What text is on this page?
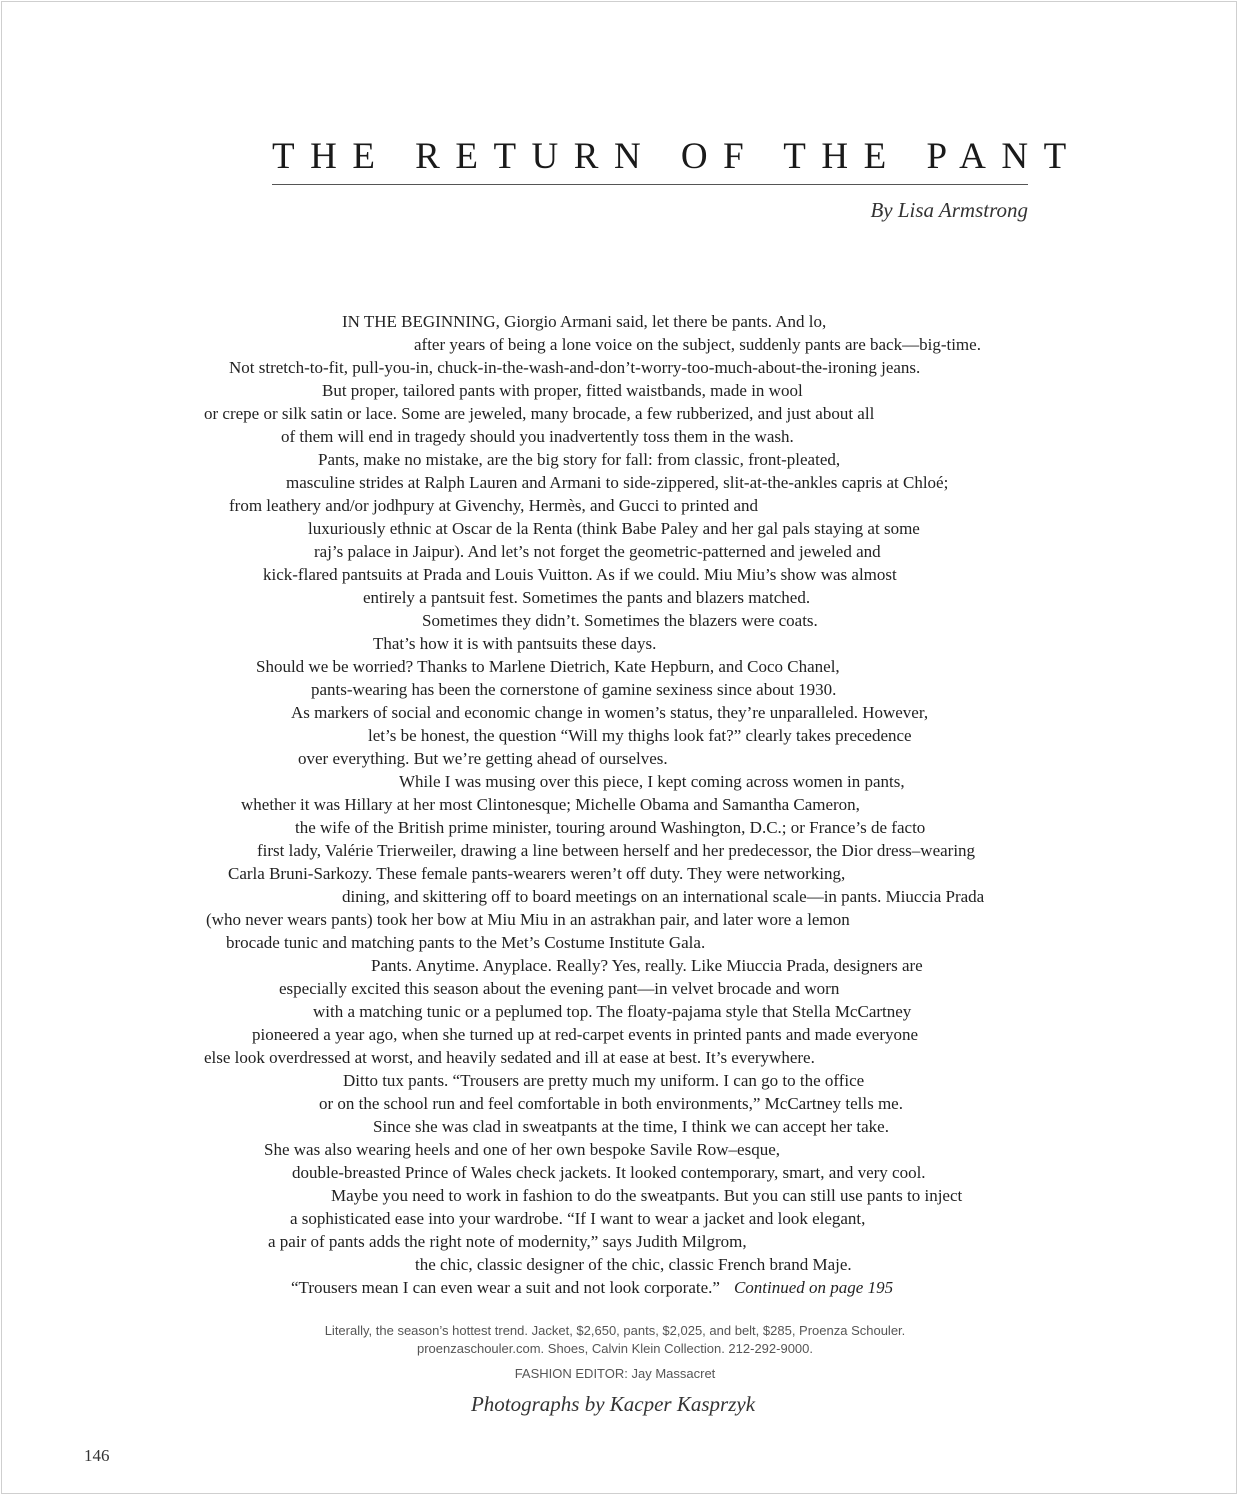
THE RETURN OF THE PANT
By Lisa Armstrong
IN THE BEGINNING, Giorgio Armani said, let there be pants. And lo,
after years of being a lone voice on the subject, suddenly pants are back—big-time.
Not stretch-to-fit, pull-you-in, chuck-in-the-wash-and-don’t-worry-too-much-about-the-ironing jeans.
But proper, tailored pants with proper, fitted waistbands, made in wool
or crepe or silk satin or lace. Some are jeweled, many brocade, a few rubberized, and just about all
of them will end in tragedy should you inadvertently toss them in the wash.
Pants, make no mistake, are the big story for fall: from classic, front-pleated,
masculine strides at Ralph Lauren and Armani to side-zippered, slit-at-the-ankles capris at Chloé;
from leathery and/or jodhpury at Givenchy, Hermès, and Gucci to printed and
luxuriously ethnic at Oscar de la Renta (think Babe Paley and her gal pals staying at some
raj’s palace in Jaipur). And let’s not forget the geometric-patterned and jeweled and
kick-flared pantsuits at Prada and Louis Vuitton. As if we could. Miu Miu’s show was almost
entirely a pantsuit fest. Sometimes the pants and blazers matched.
Sometimes they didn’t. Sometimes the blazers were coats.
That’s how it is with pantsuits these days.
Should we be worried? Thanks to Marlene Dietrich, Kate Hepburn, and Coco Chanel,
pants-wearing has been the cornerstone of gamine sexiness since about 1930.
As markers of social and economic change in women’s status, they’re unparalleled. However,
let’s be honest, the question “Will my thighs look fat?” clearly takes precedence
over everything. But we’re getting ahead of ourselves.
While I was musing over this piece, I kept coming across women in pants,
whether it was Hillary at her most Clintonesque; Michelle Obama and Samantha Cameron,
the wife of the British prime minister, touring around Washington, D.C.; or France’s de facto
first lady, Valérie Trierweiler, drawing a line between herself and her predecessor, the Dior dress–wearing
Carla Bruni-Sarkozy. These female pants-wearers weren’t off duty. They were networking,
dining, and skittering off to board meetings on an international scale—in pants. Miuccia Prada
(who never wears pants) took her bow at Miu Miu in an astrakhan pair, and later wore a lemon
brocade tunic and matching pants to the Met’s Costume Institute Gala.
Pants. Anytime. Anyplace. Really? Yes, really. Like Miuccia Prada, designers are
especially excited this season about the evening pant—in velvet brocade and worn
with a matching tunic or a peplumed top. The floaty-pajama style that Stella McCartney
pioneered a year ago, when she turned up at red-carpet events in printed pants and made everyone
else look overdressed at worst, and heavily sedated and ill at ease at best. It’s everywhere.
Ditto tux pants. “Trousers are pretty much my uniform. I can go to the office
or on the school run and feel comfortable in both environments,” McCartney tells me.
Since she was clad in sweatpants at the time, I think we can accept her take.
She was also wearing heels and one of her own bespoke Savile Row–esque,
double-breasted Prince of Wales check jackets. It looked contemporary, smart, and very cool.
Maybe you need to work in fashion to do the sweatpants. But you can still use pants to inject
a sophisticated ease into your wardrobe. “If I want to wear a jacket and look elegant,
a pair of pants adds the right note of modernity,” says Judith Milgrom,
the chic, classic designer of the chic, classic French brand Maje.
“Trousers mean I can even wear a suit and not look corporate.” Continued on page 195
Literally, the season’s hottest trend. Jacket, $2,650, pants, $2,025, and belt, $285, Proenza Schouler.
proenzaschouler.com. Shoes, Calvin Klein Collection. 212-292-9000.
FASHION EDITOR: Jay Massacret
Photographs by Kacper Kasprzyk
146
